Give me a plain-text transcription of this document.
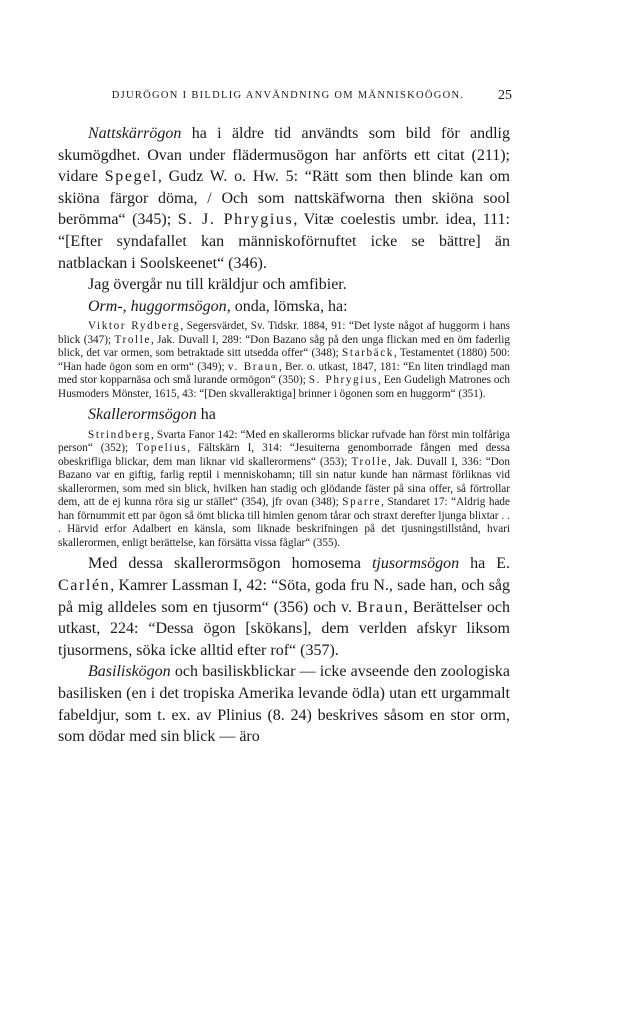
DJURÖGON I BILDLIG ANVÄNDNING OM MÄNNISKOÖGON. 25

Nattskärrögon ha i äldre tid användts som bild för andlig skumögdhet. Ovan under flädermusögon har anförts ett citat (211); vidare Spegel, Gudz W. o. Hw. 5: “Rätt som then blinde kan om skiöna färgor döma, / Och som nattskäfworna then skiöna sool berömma“ (345); S. J. Phrygius, Vitæ coelestis umbr. idea, 111: “[Efter syndafallet kan människoförnuftet icke se bättre] än natblackan i Soolskeenet“ (346).

Jag övergår nu till kräldjur och amfibier.

Orm-, huggormsögon, onda, lömska, ha:

Viktor Rydberg, Segersvärdet, Sv. Tidskr. 1884, 91: “Det lyste något af huggorm i hans blick (347); Trolle, Jak. Duvall I, 289: “Don Bazano såg på den unga flickan med en öm faderlig blick, det var ormen, som betraktade sitt utsedda offer“ (348); Starbäck, Testamentet (1880) 500: “Han hade ögon som en orm“ (349); v. Braun, Ber. o. utkast, 1847, 181: “En liten trindlagd man med stor kopparnäsa och små lurande ormögon“ (350); S. Phrygius, Een Gudeligh Matrones och Husmoders Mönster, 1615, 43: “[Den skvalleraktiga] brinner i ögonen som en huggorm“ (351).

Skallerormsögon ha

Strindberg, Svarta Fanor 142: “Med en skallerorms blickar rufvade han först min tolfåriga person“ (352); Topelius, Fältskärn I, 314: “Jesuiterna genomborrade fången med dessa obeskrifliga blickar, dem man liknar vid skallerormens“ (353); Trolle, Jak. Duvall I, 336: “Don Bazano var en giftig, farlig reptil i menniskohamn; till sin natur kunde han närmast förliknas vid skallerormen, som med sin blick, hvilken han stadig och glödande fäster på sina offer, så förtrollar dem, att de ej kunna röra sig ur stället“ (354), jfr ovan (348); Sparre, Standaret 17: “Aldrig hade han förnummit ett par ögon så ömt blicka till himlen genom tårar och straxt derefter ljunga blixtar . . . Härvid erfor Adalbert en känsla, som liknade beskrifningen på det tjusningstillstånd, hvari skallerormen, enligt berättelse, kan försätta vissa fåglar“ (355).

Med dessa skallerormsögon homosema tjusormsögon ha E. Carlén, Kamrer Lassman I, 42: “Söta, goda fru N., sade han, och såg på mig alldeles som en tjusorm“ (356) och v. Braun, Berättelser och utkast, 224: “Dessa ögon [skökans], dem verlden afskyr liksom tjusormens, söka icke alltid efter rof“ (357).

Basiliskögon och basiliskblickar — icke avseende den zoologiska basilisken (en i det tropiska Amerika levande ödla) utan ett urgammalt fabeldjur, som t. ex. av Plinius (8. 24) beskrives såsom en stor orm, som dödar med sin blick — äro
